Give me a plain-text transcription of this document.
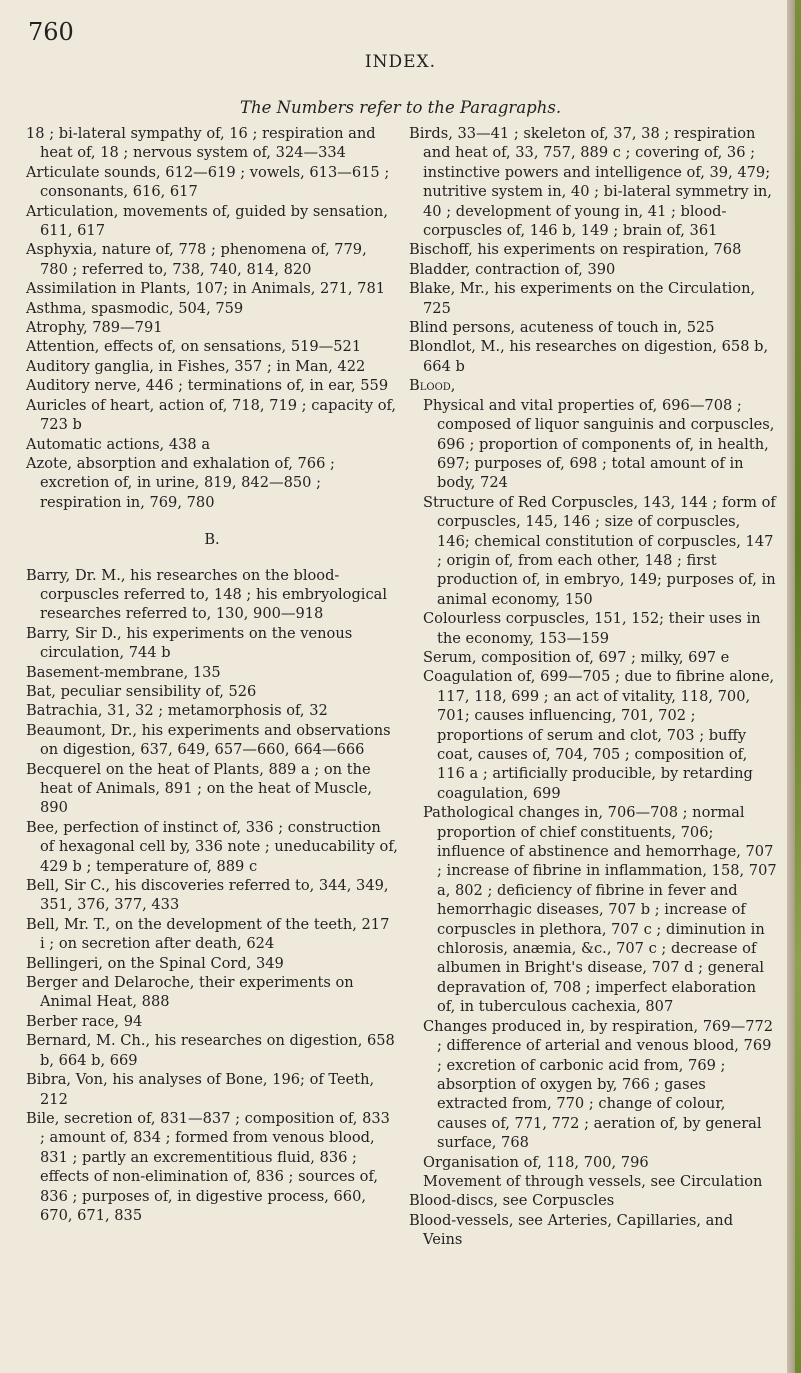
760
INDEX.
The Numbers refer to the Paragraphs.
18 ; bi-lateral sympathy of, 16 ; respiration and heat of, 18 ; nervous system of, 324—334
Articulate sounds, 612—619 ; vowels, 613—615 ; consonants, 616, 617
Articulation, movements of, guided by sensation, 611, 617
Asphyxia, nature of, 778 ; phenomena of, 779, 780 ; referred to, 738, 740, 814, 820
Assimilation in Plants, 107; in Animals, 271, 781
Asthma, spasmodic, 504, 759
Atrophy, 789—791
Attention, effects of, on sensations, 519—521
Auditory ganglia, in Fishes, 357 ; in Man, 422
Auditory nerve, 446 ; terminations of, in ear, 559
Auricles of heart, action of, 718, 719 ; capacity of, 723 b
Automatic actions, 438 a
Azote, absorption and exhalation of, 766 ; excretion of, in urine, 819, 842—850 ; respiration in, 769, 780
B.
Barry, Dr. M., his researches on the blood-corpuscles referred to, 148 ; his embryological researches referred to, 130, 900—918
Barry, Sir D., his experiments on the venous circulation, 744 b
Basement-membrane, 135
Bat, peculiar sensibility of, 526
Batrachia, 31, 32 ; metamorphosis of, 32
Beaumont, Dr., his experiments and observations on digestion, 637, 649, 657—660, 664—666
Becquerel on the heat of Plants, 889 a ; on the heat of Animals, 891 ; on the heat of Muscle, 890
Bee, perfection of instinct of, 336 ; construction of hexagonal cell by, 336 note ; uneducability of, 429 b ; temperature of, 889 c
Bell, Sir C., his discoveries referred to, 344, 349, 351, 376, 377, 433
Bell, Mr. T., on the development of the teeth, 217 i ; on secretion after death, 624
Bellingeri, on the Spinal Cord, 349
Berger and Delaroche, their experiments on Animal Heat, 888
Berber race, 94
Bernard, M. Ch., his researches on digestion, 658 b, 664 b, 669
Bibra, Von, his analyses of Bone, 196; of Teeth, 212
Bile, secretion of, 831—837 ; composition of, 833 ; amount of, 834 ; formed from venous blood, 831 ; partly an excrementitious fluid, 836 ; effects of non-elimination of, 836 ; sources of, 836 ; purposes of, in digestive process, 660, 670, 671, 835
Birds, 33—41 ; skeleton of, 37, 38 ; respiration and heat of, 33, 757, 889 c ; covering of, 36 ; instinctive powers and intelligence of, 39, 479; nutritive system in, 40 ; bi-lateral symmetry in, 40 ; development of young in, 41 ; blood-corpuscles of, 146 b, 149 ; brain of, 361
Bischoff, his experiments on respiration, 768
Bladder, contraction of, 390
Blake, Mr., his experiments on the Circulation, 725
Blind persons, acuteness of touch in, 525
Blondlot, M., his researches on digestion, 658 b, 664 b
Blood,
Physical and vital properties of, 696—708 ; composed of liquor sanguinis and corpuscles, 696 ; proportion of components of, in health, 697; purposes of, 698 ; total amount of in body, 724
Structure of Red Corpuscles, 143, 144 ; form of corpuscles, 145, 146 ; size of corpuscles, 146; chemical constitution of corpuscles, 147 ; origin of, from each other, 148 ; first production of, in embryo, 149; purposes of, in animal economy, 150
Colourless corpuscles, 151, 152; their uses in the economy, 153—159
Serum, composition of, 697 ; milky, 697 e
Coagulation of, 699—705 ; due to fibrine alone, 117, 118, 699 ; an act of vitality, 118, 700, 701; causes influencing, 701, 702 ; proportions of serum and clot, 703 ; buffy coat, causes of, 704, 705 ; composition of, 116 a ; artificially producible, by retarding coagulation, 699
Pathological changes in, 706—708 ; normal proportion of chief constituents, 706; influence of abstinence and hemorrhage, 707 ; increase of fibrine in inflammation, 158, 707 a, 802 ; deficiency of fibrine in fever and hemorrhagic diseases, 707 b ; increase of corpuscles in plethora, 707 c ; diminution in chlorosis, anæmia, &c., 707 c ; decrease of albumen in Bright's disease, 707 d ; general depravation of, 708 ; imperfect elaboration of, in tuberculous cachexia, 807
Changes produced in, by respiration, 769—772 ; difference of arterial and venous blood, 769 ; excretion of carbonic acid from, 769 ; absorption of oxygen by, 766 ; gases extracted from, 770 ; change of colour, causes of, 771, 772 ; aeration of, by general surface, 768
Organisation of, 118, 700, 796
Movement of through vessels, see Circulation
Blood-discs, see Corpuscles
Blood-vessels, see Arteries, Capillaries, and Veins
